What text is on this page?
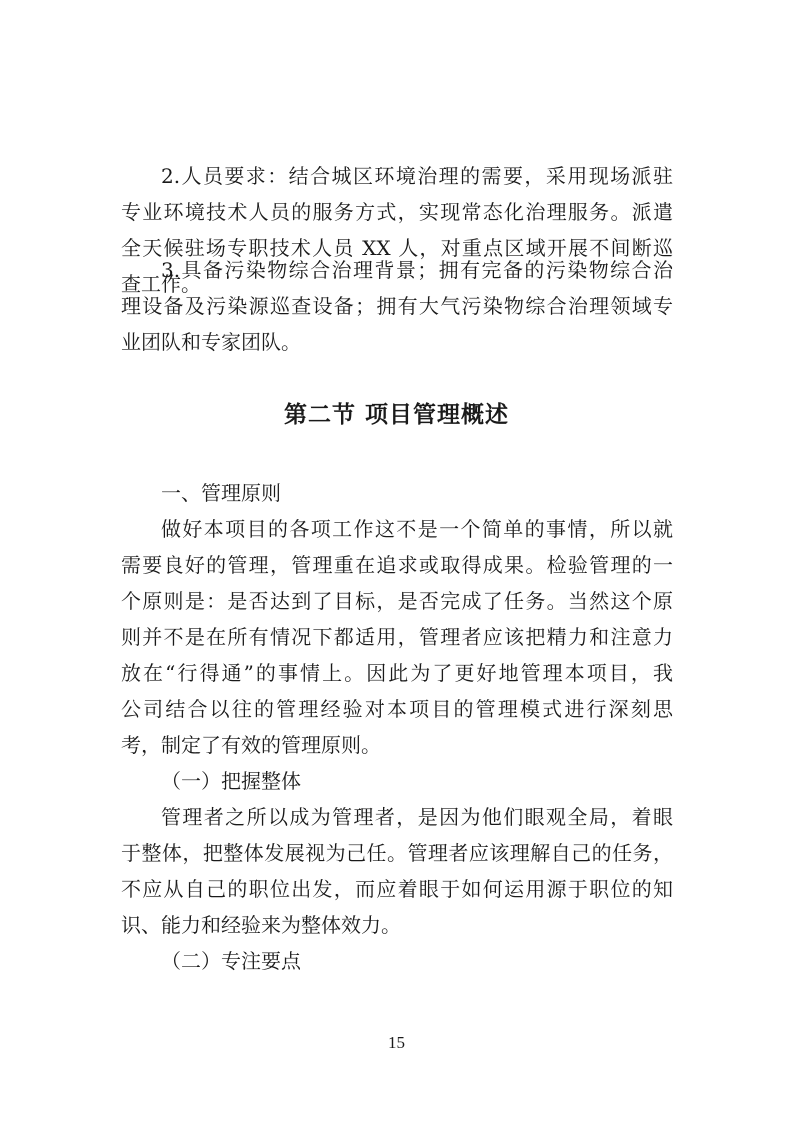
2.人员要求：结合城区环境治理的需要，采用现场派驻
专业环境技术人员的服务方式，实现常态化治理服务。派遣
全天候驻场专职技术人员 XX 人，对重点区域开展不间断巡
查工作。
3.具备污染物综合治理背景；拥有完备的污染物综合治
理设备及污染源巡查设备；拥有大气污染物综合治理领域专
业团队和专家团队。
第二节 项目管理概述
一、管理原则
做好本项目的各项工作这不是一个简单的事情，所以就
需要良好的管理，管理重在追求或取得成果。检验管理的一
个原则是：是否达到了目标，是否完成了任务。当然这个原
则并不是在所有情况下都适用，管理者应该把精力和注意力
放在“行得通”的事情上。因此为了更好地管理本项目，我
公司结合以往的管理经验对本项目的管理模式进行深刻思
考，制定了有效的管理原则。
（一）把握整体
管理者之所以成为管理者，是因为他们眼观全局，着眼
于整体，把整体发展视为己任。管理者应该理解自己的任务，
不应从自己的职位出发，而应着眼于如何运用源于职位的知
识、能力和经验来为整体效力。
（二）专注要点
15
